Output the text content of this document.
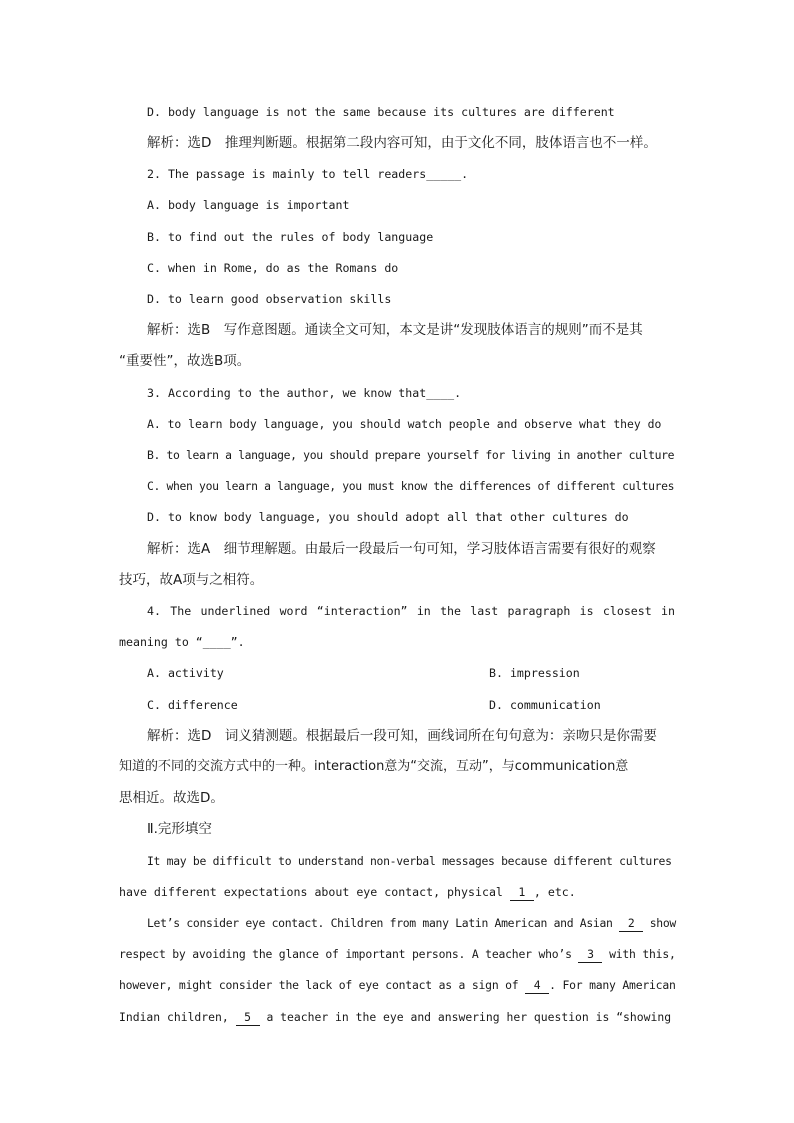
D. body language is not the same because its cultures are different
解析：选D　推理判断题。根据第二段内容可知，由于文化不同，肢体语言也不一样。
2. The passage is mainly to tell readers_____.
A. body language is important
B. to find out the rules of body language
C. when in Rome, do as the Romans do
D. to learn good observation skills
解析：选B　写作意图题。通读全文可知，本文是讲“发现肢体语言的规则”而不是其
“重要性”，故选B项。
3. According to the author, we know that____.
A. to learn body language, you should watch people and observe what they do
B. to learn a language, you should prepare yourself for living in another culture
C. when you learn a language, you must know the differences of different cultures
D. to know body language, you should adopt all that other cultures do
解析：选A　细节理解题。由最后一段最后一句可知，学习肢体语言需要有很好的观察
技巧，故A项与之相符。
4. The underlined word “interaction” in the last paragraph is closest in
meaning to “____”.
A. activity	B. impression
C. difference	D. communication
解析：选D　词义猜测题。根据最后一段可知，画线词所在句句意为：亲吻只是你需要
知道的不同的交流方式中的一种。interaction意为“交流，互动”，与communication意
思相近。故选D。
Ⅱ.完形填空
It may be difficult to understand non-verbal messages because different cultures
have different expectations about eye contact, physical 1 , etc.
Let’s consider eye contact. Children from many Latin American and Asian 2 show
respect by avoiding the glance of important persons. A teacher who’s 3 with this,
however, might consider the lack of eye contact as a sign of 4 . For many American
Indian children, 5 a teacher in the eye and answering her question is “showing
